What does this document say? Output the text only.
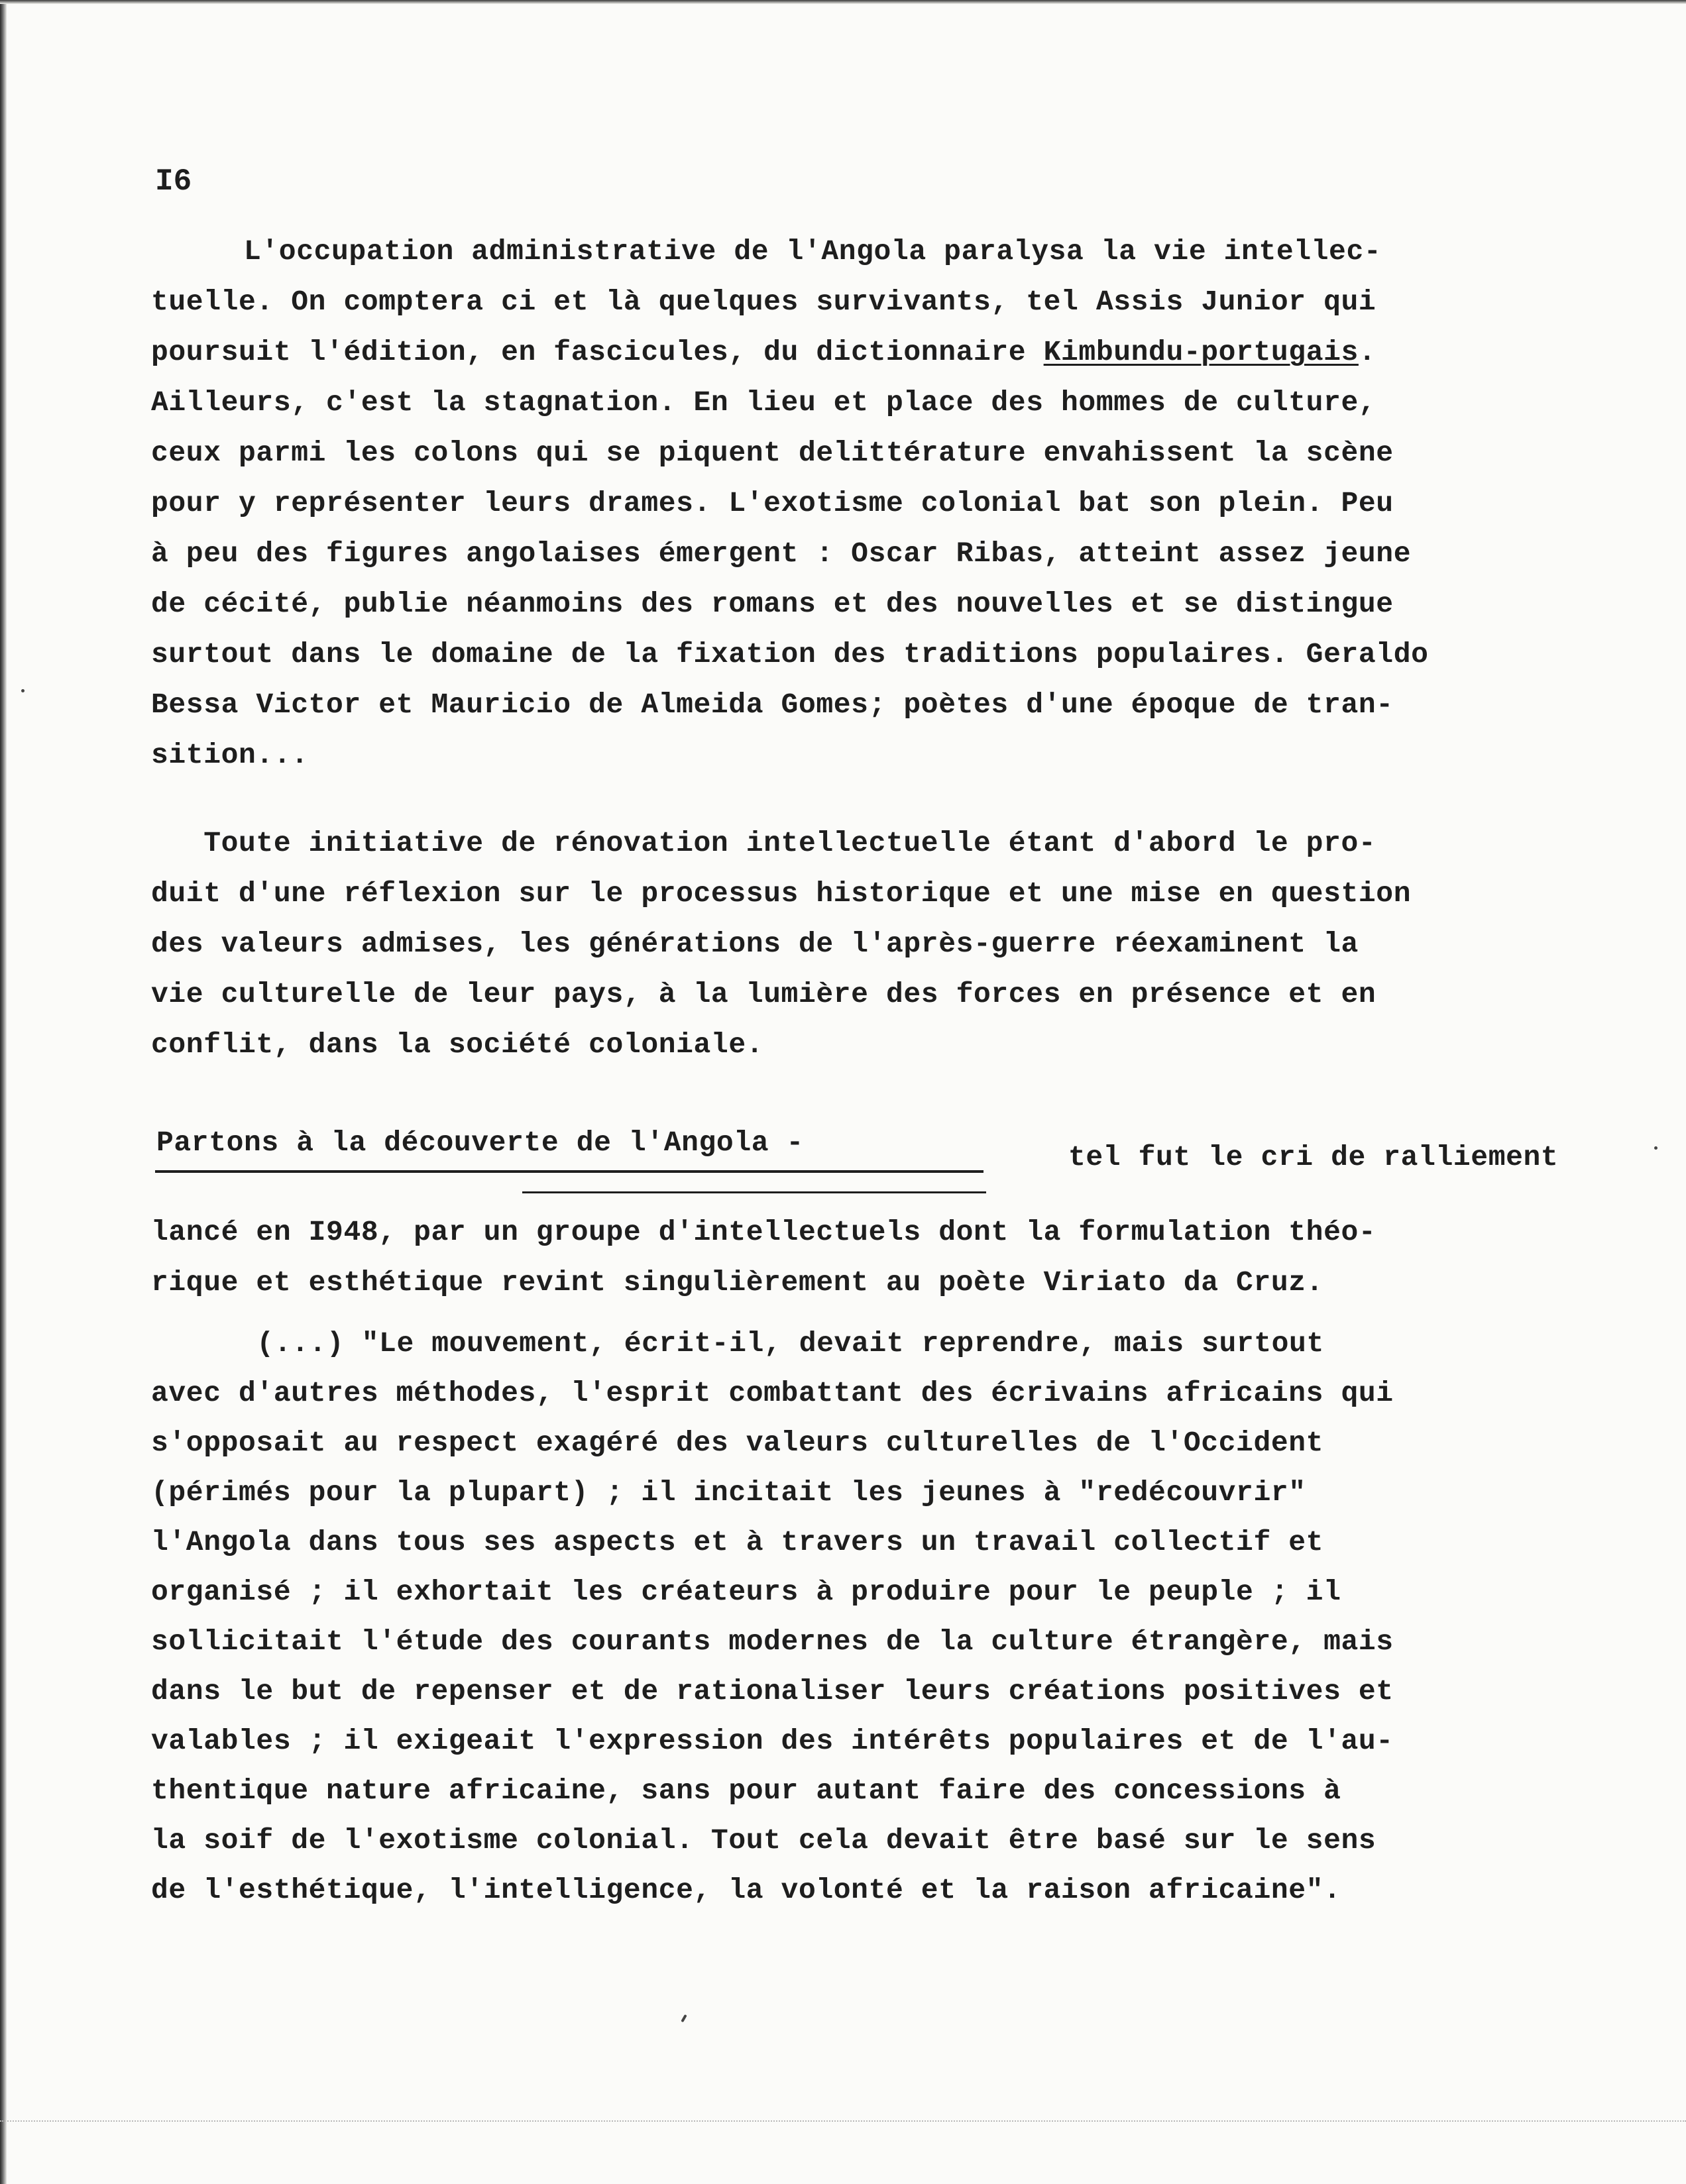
I6
L'occupation administrative de l'Angola paralysa la vie intellec-
tuelle. On comptera ci et là quelques survivants, tel Assis Junior qui
poursuit l'édition, en fascicules, du dictionnaire Kimbundu-portugais.
Ailleurs, c'est la stagnation. En lieu et place des hommes de culture,
ceux parmi les colons qui se piquent delittérature envahissent la scène
pour y représenter leurs drames. L'exotisme colonial bat son plein. Peu
à peu des figures angolaises émergent : Oscar Ribas, atteint assez jeune
de cécité, publie néanmoins des romans et des nouvelles et se distingue
surtout dans le domaine de la fixation des traditions populaires. Geraldo
Bessa Victor et Mauricio de Almeida Gomes; poètes d'une époque de tran-
sition...
Toute initiative de rénovation intellectuelle étant d'abord le pro-
duit d'une réflexion sur le processus historique et une mise en question
des valeurs admises, les générations de l'après-guerre réexaminent la
vie culturelle de leur pays, à la lumière des forces en présence et en
conflit, dans la société coloniale.
Partons à la découverte de l'Angola -	tel fut le cri de ralliement
lancé en I948, par un groupe d'intellectuels dont la formulation théo-
rique et esthétique revint singulièrement au poète Viriato da Cruz.
(...) "Le mouvement, écrit-il, devait reprendre, mais surtout
avec d'autres méthodes, l'esprit combattant des écrivains africains qui
s'opposait au respect exagéré des valeurs culturelles de l'Occident
(périmés pour la plupart) ; il incitait les jeunes à "redécouvrir"
l'Angola dans tous ses aspects et à travers un travail collectif et
organisé ; il exhortait les créateurs à produire pour le peuple ; il
sollicitait l'étude des courants modernes de la culture étrangère, mais
dans le but de repenser et de rationaliser leurs créations positives et
valables ; il exigeait l'expression des intérêts populaires et de l'au-
thentique nature africaine, sans pour autant faire des concessions à
la soif de l'exotisme colonial. Tout cela devait être basé sur le sens
de l'esthétique, l'intelligence, la volonté et la raison africaine".
